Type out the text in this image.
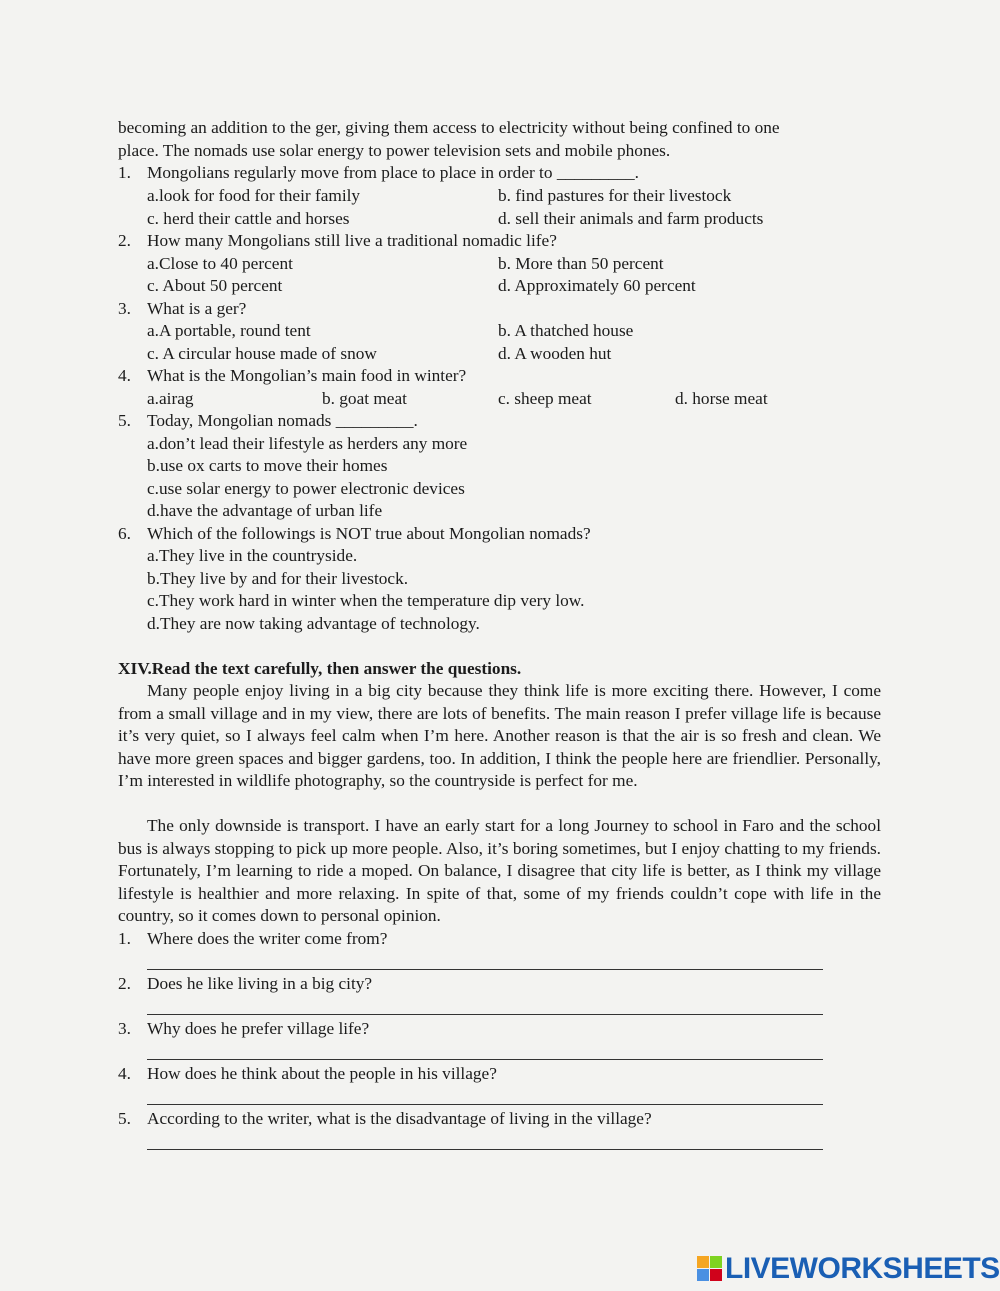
becoming an addition to the ger, giving them access to electricity without being confined to one

place. The nomads use solar energy to power television sets and mobile phones.

1. Mongolians regularly move from place to place in order to _________.
a.look for food for their family	b. find pastures for their livestock
c. herd their cattle and horses	d. sell their animals and farm products
2. How many Mongolians still live a traditional nomadic life?
a.Close to 40 percent	b. More than 50 percent
c. About 50 percent	d. Approximately 60 percent
3. What is a ger?
a.A portable, round tent	b. A thatched house
c. A circular house made of snow	d. A wooden hut
4. What is the Mongolian’s main food in winter?
a.airag	b. goat meat	c. sheep meat	d. horse meat
5. Today, Mongolian nomads _________.
a.don’t lead their lifestyle as herders any more
b.use ox carts to move their homes
c.use solar energy to power electronic devices
d.have the advantage of urban life
6. Which of the followings is NOT true about Mongolian nomads?
a.They live in the countryside.
b.They live by and for their livestock.
c.They work hard in winter when the temperature dip very low.
d.They are now taking advantage of technology.
XIV.Read the text carefully, then answer the questions.

Many people enjoy living in a big city because they think life is more exciting there. However, I come from a small village and in my view, there are lots of benefits. The main reason I prefer village life is because it’s very quiet, so I always feel calm when I’m here. Another reason is that the air is so fresh and clean. We have more green spaces and bigger gardens, too. In addition, I think the people here are friendlier. Personally, I’m interested in wildlife photography, so the countryside is perfect for me.

The only downside is transport. I have an early start for a long Journey to school in Faro and the school bus is always stopping to pick up more people. Also, it’s boring sometimes, but I enjoy chatting to my friends. Fortunately, I’m learning to ride a moped. On balance, I disagree that city life is better, as I think my village lifestyle is healthier and more relaxing. In spite of that, some of my friends couldn’t cope with life in the country, so it comes down to personal opinion.

1. Where does the writer come from?
2. Does he like living in a big city?
3. Why does he prefer village life?
4. How does he think about the people in his village?
5. According to the writer, what is the disadvantage of living in the village?
LIVEWORKSHEETS
